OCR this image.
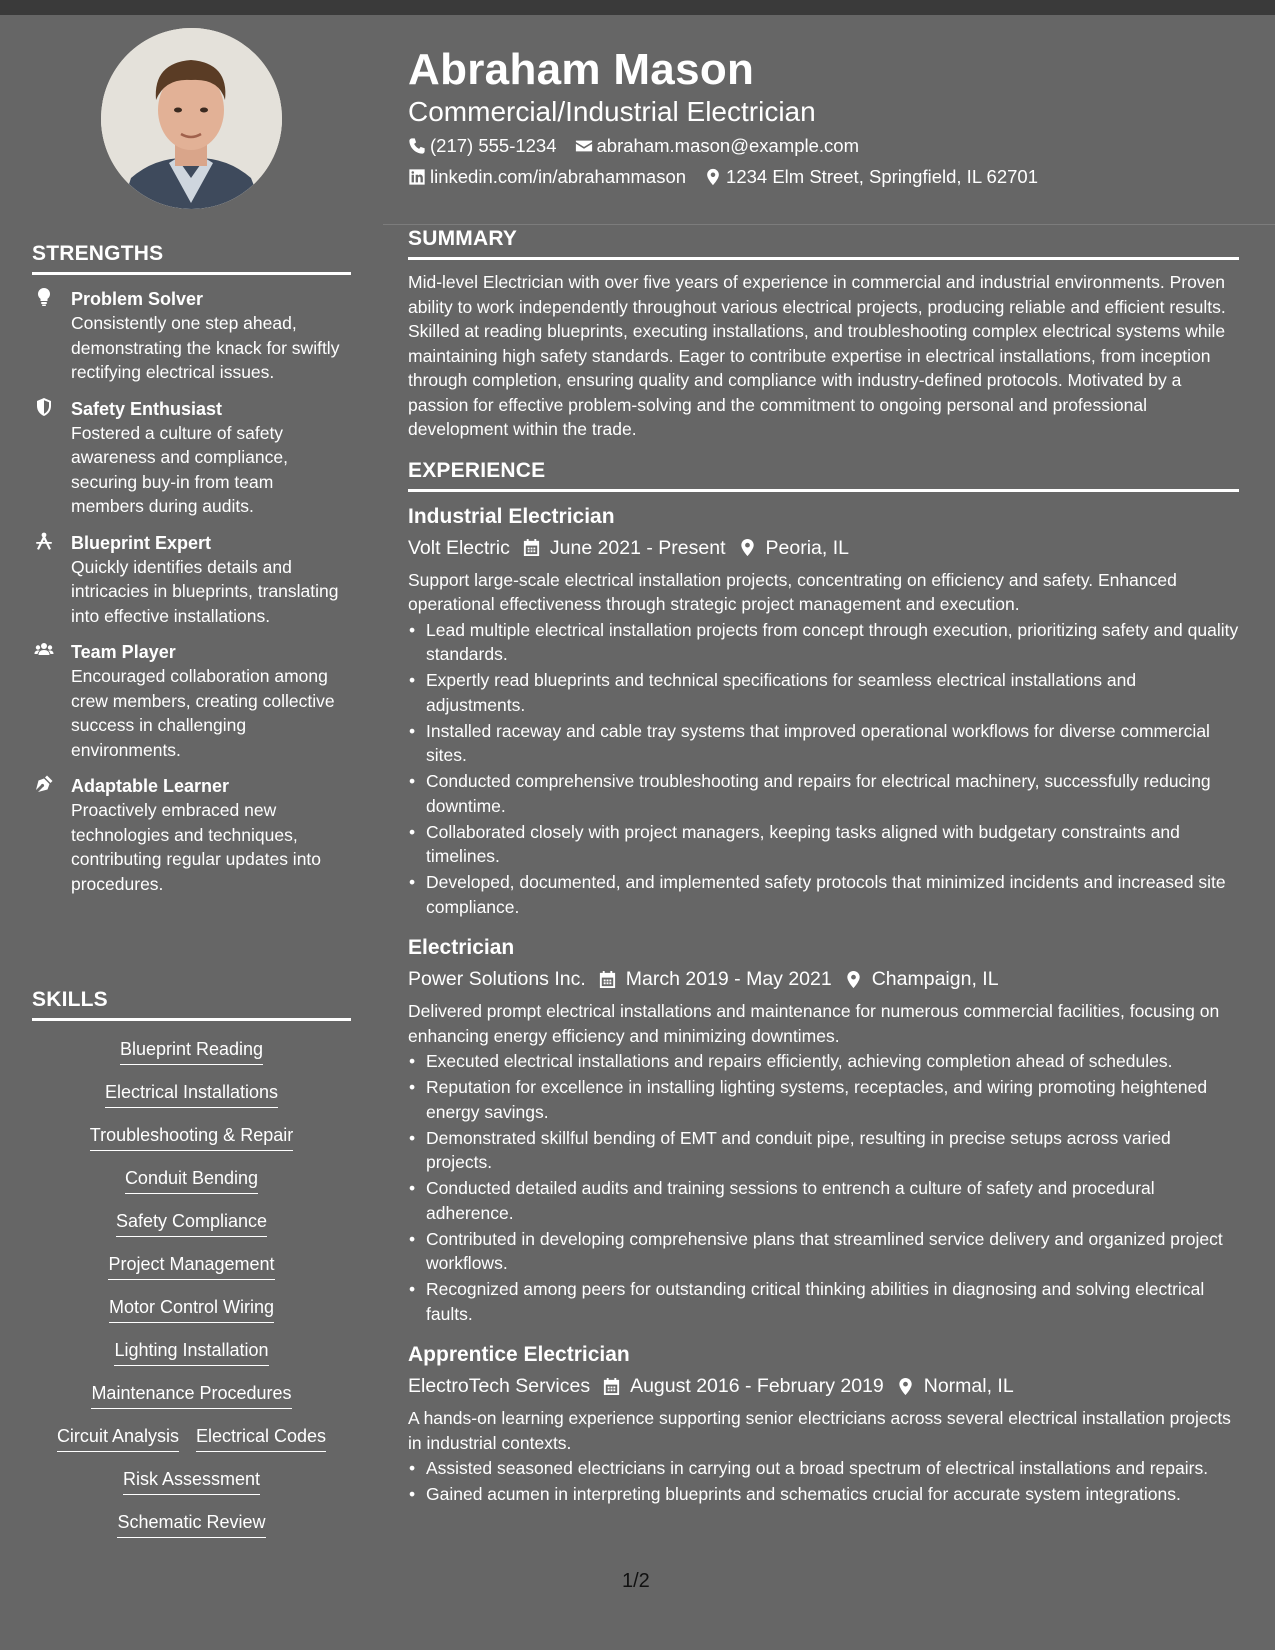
STRENGTHS
Problem Solver
Consistently one step ahead, demonstrating the knack for swiftly rectifying electrical issues.
Safety Enthusiast
Fostered a culture of safety awareness and compliance, securing buy-in from team members during audits.
Blueprint Expert
Quickly identifies details and intricacies in blueprints, translating into effective installations.
Team Player
Encouraged collaboration among crew members, creating collective success in challenging environments.
Adaptable Learner
Proactively embraced new technologies and techniques, contributing regular updates into procedures.
SKILLS
Blueprint Reading
Electrical Installations
Troubleshooting & Repair
Conduit Bending
Safety Compliance
Project Management
Motor Control Wiring
Lighting Installation
Maintenance Procedures
Circuit Analysis Electrical Codes
Risk Assessment
Schematic Review
Abraham Mason
Commercial/Industrial Electrician
(217) 555-1234 abraham.mason@example.com
linkedin.com/in/abrahammason 1234 Elm Street, Springfield, IL 62701
SUMMARY
Mid-level Electrician with over five years of experience in commercial and industrial environments. Proven ability to work independently throughout various electrical projects, producing reliable and efficient results. Skilled at reading blueprints, executing installations, and troubleshooting complex electrical systems while maintaining high safety standards. Eager to contribute expertise in electrical installations, from inception through completion, ensuring quality and compliance with industry-defined protocols. Motivated by a passion for effective problem-solving and the commitment to ongoing personal and professional development within the trade.
EXPERIENCE
Industrial Electrician
Volt Electric June 2021 - Present Peoria, IL
Support large-scale electrical installation projects, concentrating on efficiency and safety. Enhanced operational effectiveness through strategic project management and execution.
• Lead multiple electrical installation projects from concept through execution, prioritizing safety and quality standards.
• Expertly read blueprints and technical specifications for seamless electrical installations and adjustments.
• Installed raceway and cable tray systems that improved operational workflows for diverse commercial sites.
• Conducted comprehensive troubleshooting and repairs for electrical machinery, successfully reducing downtime.
• Collaborated closely with project managers, keeping tasks aligned with budgetary constraints and timelines.
• Developed, documented, and implemented safety protocols that minimized incidents and increased site compliance.
Electrician
Power Solutions Inc. March 2019 - May 2021 Champaign, IL
Delivered prompt electrical installations and maintenance for numerous commercial facilities, focusing on enhancing energy efficiency and minimizing downtimes.
• Executed electrical installations and repairs efficiently, achieving completion ahead of schedules.
• Reputation for excellence in installing lighting systems, receptacles, and wiring promoting heightened energy savings.
• Demonstrated skillful bending of EMT and conduit pipe, resulting in precise setups across varied projects.
• Conducted detailed audits and training sessions to entrench a culture of safety and procedural adherence.
• Contributed in developing comprehensive plans that streamlined service delivery and organized project workflows.
• Recognized among peers for outstanding critical thinking abilities in diagnosing and solving electrical faults.
Apprentice Electrician
ElectroTech Services August 2016 - February 2019 Normal, IL
A hands-on learning experience supporting senior electricians across several electrical installation projects in industrial contexts.
• Assisted seasoned electricians in carrying out a broad spectrum of electrical installations and repairs.
• Gained acumen in interpreting blueprints and schematics crucial for accurate system integrations.
1/2
